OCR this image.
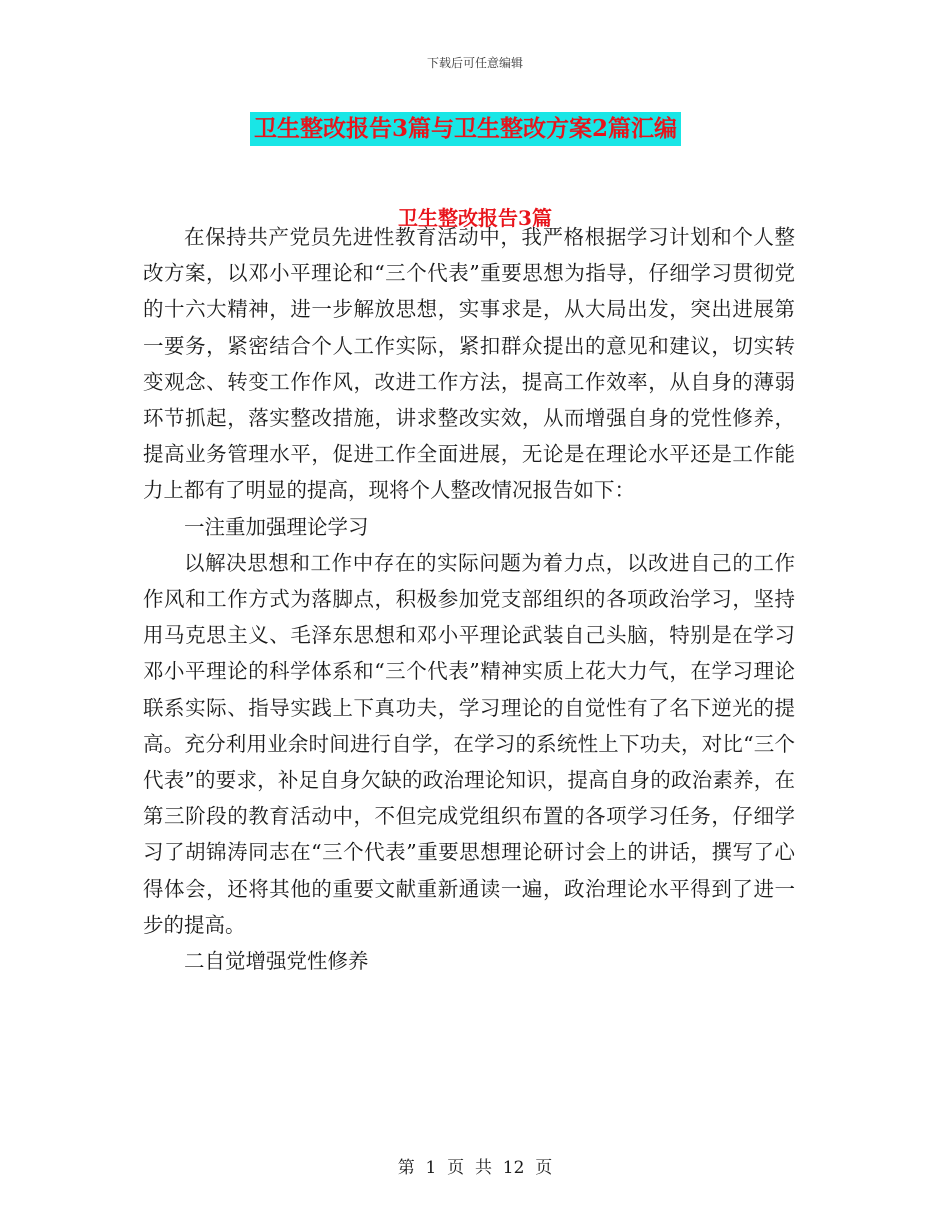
下载后可任意编辑
卫生整改报告3篇与卫生整改方案2篇汇编
卫生整改报告3篇

在保持共产党员先进性教育活动中，我严格根据学习计划和个人整改方案，以邓小平理论和“三个代表”重要思想为指导，仔细学习贯彻党的十六大精神，进一步解放思想，实事求是，从大局出发，突出进展第一要务，紧密结合个人工作实际，紧扣群众提出的意见和建议，切实转变观念、转变工作作风，改进工作方法，提高工作效率，从自身的薄弱环节抓起，落实整改措施，讲求整改实效，从而增强自身的党性修养，提高业务管理水平，促进工作全面进展，无论是在理论水平还是工作能力上都有了明显的提高，现将个人整改情况报告如下：

一注重加强理论学习

以解决思想和工作中存在的实际问题为着力点，以改进自己的工作作风和工作方式为落脚点，积极参加党支部组织的各项政治学习，坚持用马克思主义、毛泽东思想和邓小平理论武装自己头脑，特别是在学习邓小平理论的科学体系和“三个代表”精神实质上花大力气，在学习理论联系实际、指导实践上下真功夫，学习理论的自觉性有了名下逆光的提高。充分利用业余时间进行自学，在学习的系统性上下功夫，对比“三个代表”的要求，补足自身欠缺的政治理论知识，提高自身的政治素养，在第三阶段的教育活动中，不但完成党组织布置的各项学习任务，仔细学习了胡锦涛同志在“三个代表”重要思想理论研讨会上的讲话，撰写了心得体会，还将其他的重要文献重新通读一遍，政治理论水平得到了进一步的提高。

二自觉增强党性修养

第  1  页  共  12  页
